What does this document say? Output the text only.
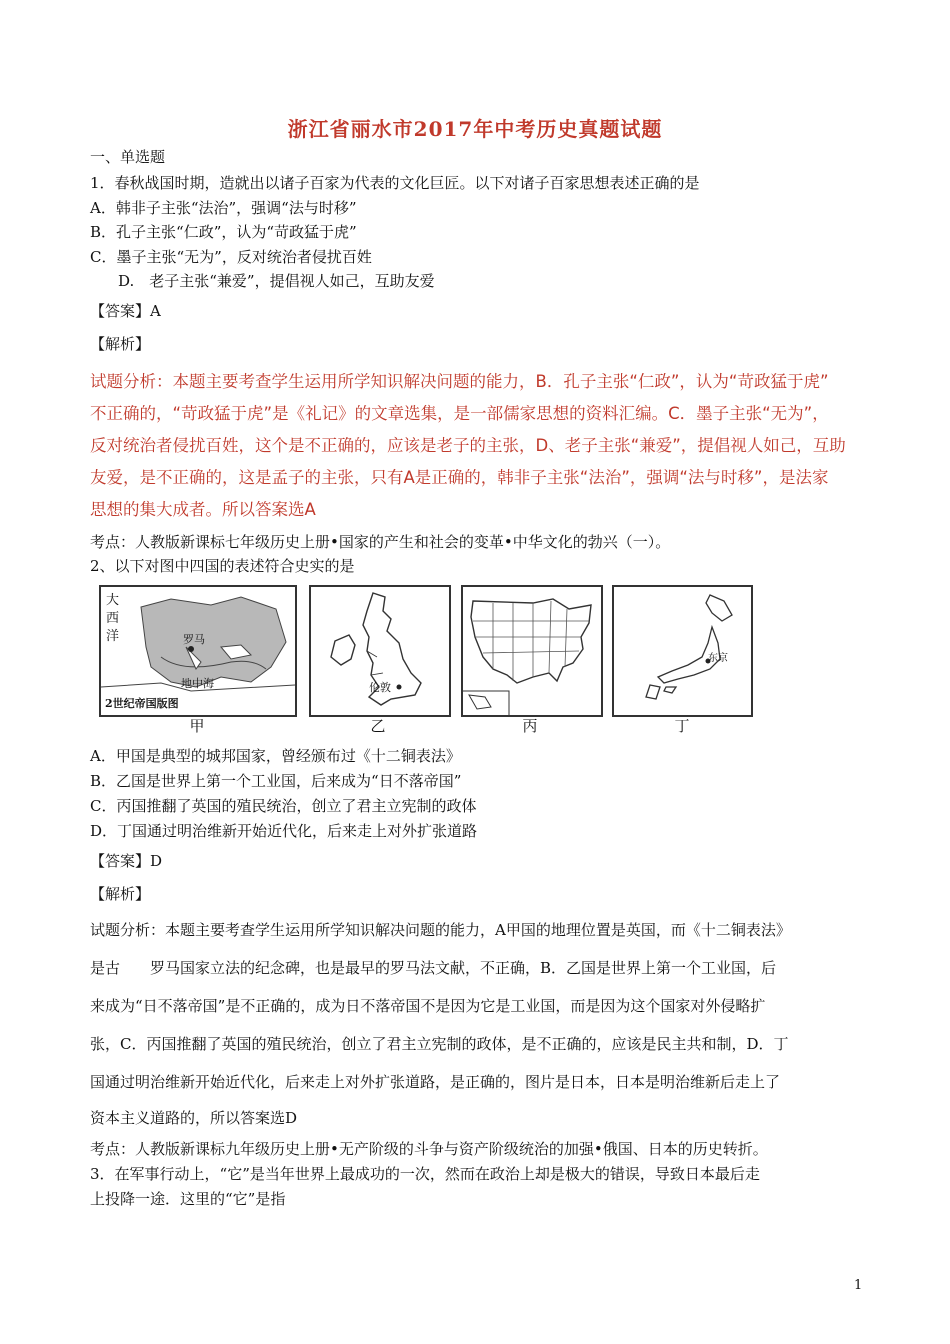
浙江省丽水市2017年中考历史真题试题
一、单选题
1．春秋战国时期，造就出以诸子百家为代表的文化巨匠。以下对诸子百家思想表述正确的是
A．韩非子主张“法治”，强调“法与时移”
B．孔子主张“仁政”，认为“苛政猛于虎”
C．墨子主张“无为”，反对统治者侵扰百姓
D.　老子主张“兼爱”，提倡视人如己，互助友爱
【答案】A
【解析】
试题分析：本题主要考查学生运用所学知识解决问题的能力，B．孔子主张“仁政”，认为“苛政猛于虎”
不正确的，“苛政猛于虎”是《礼记》的文章选集，是一部儒家思想的资料汇编。C．墨子主张“无为”，
反对统治者侵扰百姓，这个是不正确的，应该是老子的主张，D、老子主张“兼爱”，提倡视人如己，互助
友爱，是不正确的，这是孟子的主张，只有A是正确的，韩非子主张“法治”，强调“法与时移”，是法家
思想的集大成者。所以答案选A
考点：人教版新课标七年级历史上册•国家的产生和社会的变革•中华文化的勃兴（一）。
2、以下对图中四国的表述符合史实的是
大
西
洋	罗马
地中海
2世纪帝国版图
伦敦
东京
甲	乙	丙	丁
A．甲国是典型的城邦国家，曾经颁布过《十二铜表法》
B．乙国是世界上第一个工业国，后来成为“日不落帝国”
C．丙国推翻了英国的殖民统治，创立了君主立宪制的政体
D．丁国通过明治维新开始近代化，后来走上对外扩张道路
【答案】D
【解析】
试题分析：本题主要考查学生运用所学知识解决问题的能力，A甲国的地理位置是英国，而《十二铜表法》
是古　　罗马国家立法的纪念碑，也是最早的罗马法文献，不正确，B．乙国是世界上第一个工业国，后
来成为“日不落帝国”是不正确的，成为日不落帝国不是因为它是工业国，而是因为这个国家对外侵略扩
张，C．丙国推翻了英国的殖民统治，创立了君主立宪制的政体，是不正确的，应该是民主共和制，D．丁
国通过明治维新开始近代化，后来走上对外扩张道路，是正确的，图片是日本，日本是明治维新后走上了
资本主义道路的，所以答案选D
考点：人教版新课标九年级历史上册•无产阶级的斗争与资产阶级统治的加强•俄国、日本的历史转折。
3．在军事行动上，“它”是当年世界上最成功的一次，然而在政治上却是极大的错误，导致日本最后走
上投降一途．这里的“它”是指
1
